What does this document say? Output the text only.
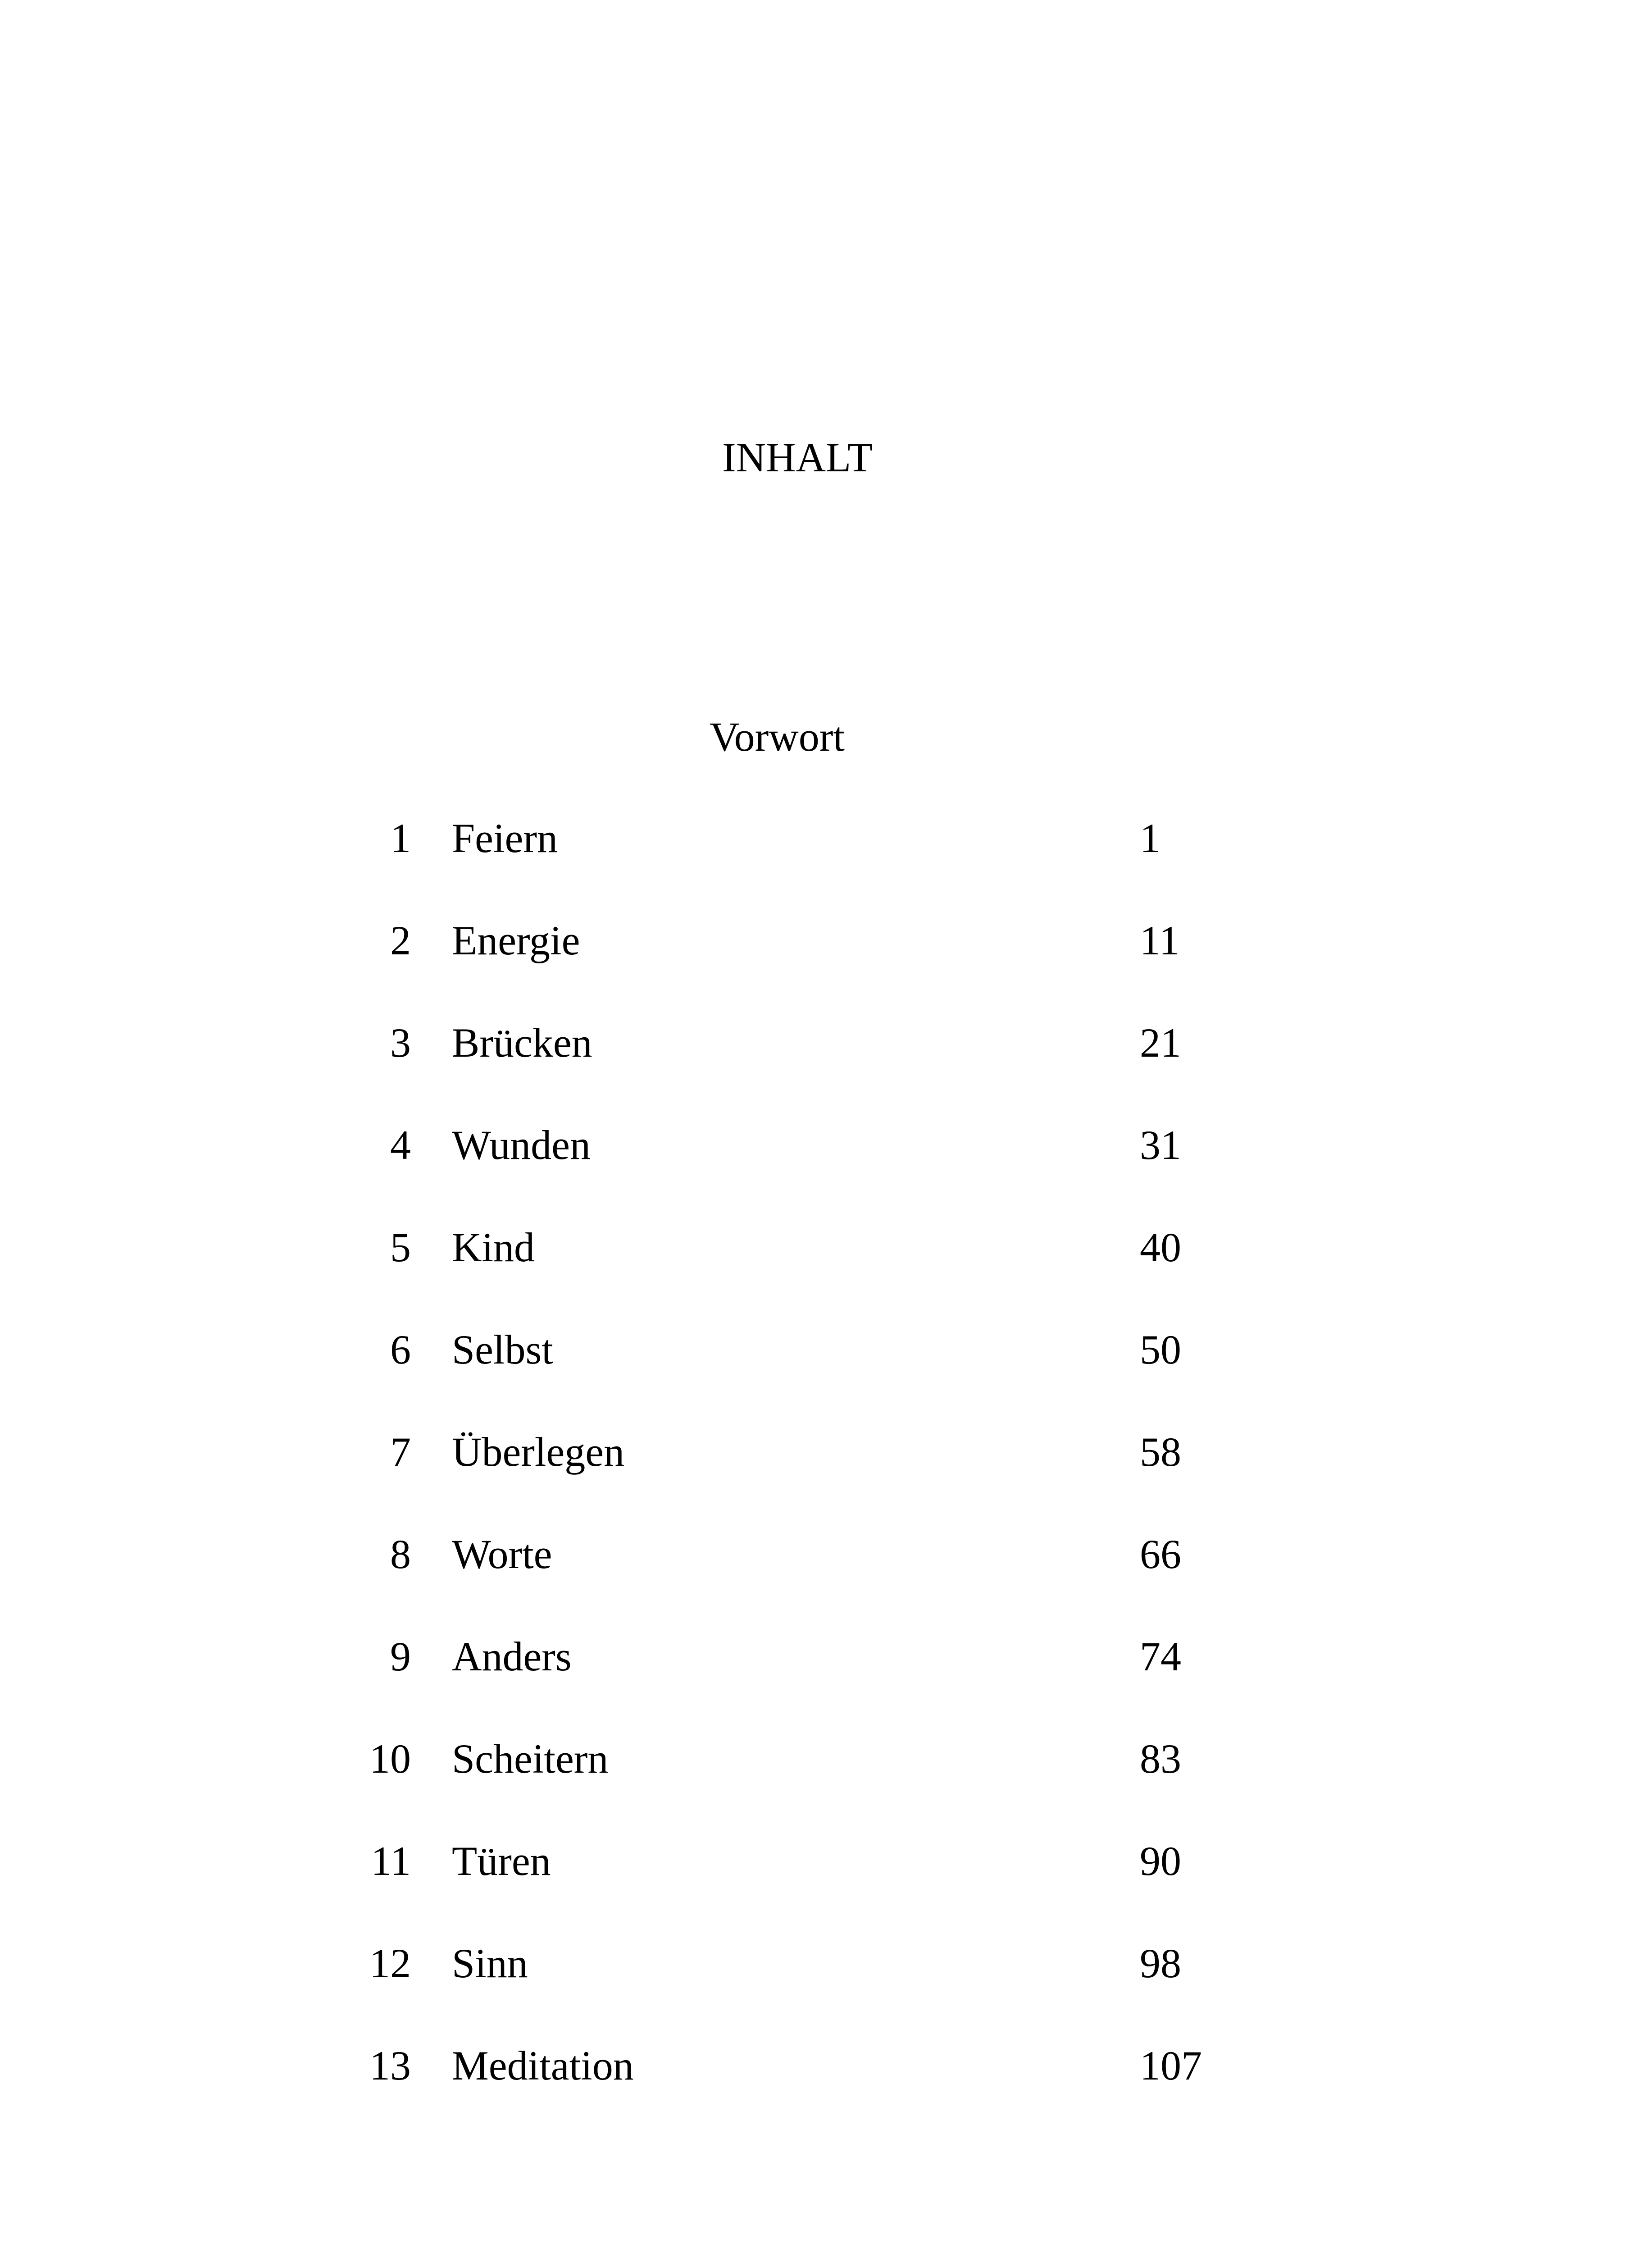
INHALT
Vorwort
1 Feiern	1
2 Energie	11
3 Brücken	21
4 Wunden	31
5 Kind	40
6 Selbst	50
7 Überlegen	58
8 Worte	66
9 Anders	74
10 Scheitern	83
11 Türen	90
12 Sinn	98
13 Meditation	107
